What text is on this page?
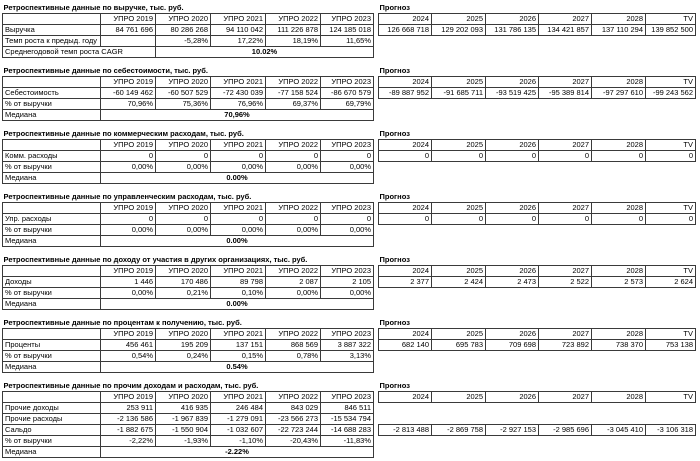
Ретроспективные данные по выручке, тыс. руб.							Прогноз					
	УПРО 2019	УПРО 2020	УПРО 2021	УПРО 2022	УПРО 2023		2024	2025	2026	2027	2028	TV
Выручка	84 761 696	80 286 268	94 110 042	111 226 878	124 185 018		126 668 718	129 202 093	131 786 135	134 421 857	137 110 294	139 852 500
Темп роста к предыд. году		-5,28%	17,22%	18,19%	11,65%							
Среднегодовой темп роста CAGR		10.02%										
Ретроспективные данные по себестоимости, тыс. руб.							Прогноз					
	УПРО 2019	УПРО 2020	УПРО 2021	УПРО 2022	УПРО 2023		2024	2025	2026	2027	2028	TV
Себестоимость	-60 149 462	-60 507 529	-72 430 039	-77 158 524	-86 670 579		-89 887 952	-91 685 711	-93 519 425	-95 389 814	-97 297 610	-99 243 562
% от выручки	70,96%	75,36%	76,96%	69,37%	69,79%							
Медиана	70,96%											
Ретроспективные данные по коммерческим расходам, тыс. руб.							Прогноз					
	УПРО 2019	УПРО 2020	УПРО 2021	УПРО 2022	УПРО 2023		2024	2025	2026	2027	2028	TV
Комм. расходы	0	0	0	0	0		0	0	0	0	0	0
% от выручки	0,00%	0,00%	0,00%	0,00%	0,00%							
Медиана	0.00%											
Ретроспективные данные по управленческим расходам, тыс. руб.							Прогноз					
	УПРО 2019	УПРО 2020	УПРО 2021	УПРО 2022	УПРО 2023		2024	2025	2026	2027	2028	TV
Упр. расходы	0	0	0	0	0		0	0	0	0	0	0
% от выручки	0,00%	0,00%	0,00%	0,00%	0,00%							
Медиана	0.00%											
Ретроспективные данные по доходу от участия в других организациях, тыс. руб.							Прогноз					
	УПРО 2019	УПРО 2020	УПРО 2021	УПРО 2022	УПРО 2023		2024	2025	2026	2027	2028	TV
Доходы	1 446	170 486	89 798	2 087	2 105		2 377	2 424	2 473	2 522	2 573	2 624
% от выручки	0,00%	0,21%	0,10%	0,00%	0,00%							
Медиана	0.00%											
Ретроспективные данные по процентам к получению, тыс. руб.							Прогноз					
	УПРО 2019	УПРО 2020	УПРО 2021	УПРО 2022	УПРО 2023		2024	2025	2026	2027	2028	TV
Проценты	456 461	195 209	137 151	868 569	3 887 322		682 140	695 783	709 698	723 892	738 370	753 138
% от выручки	0,54%	0,24%	0,15%	0,78%	3,13%							
Медиана	0.54%											
Ретроспективные данные по прочим доходам и расходам, тыс. руб.							Прогноз					
	УПРО 2019	УПРО 2020	УПРО 2021	УПРО 2022	УПРО 2023		2024	2025	2026	2027	2028	TV
Прочие доходы	253 911	416 935	246 484	843 029	846 511							
Прочие расходы	-2 136 586	-1 967 839	-1 279 091	-23 566 273	-15 534 794							
Сальдо	-1 882 675	-1 550 904	-1 032 607	-22 723 244	-14 688 283		-2 813 488	-2 869 758	-2 927 153	-2 985 696	-3 045 410	-3 106 318
% от выручки	-2,22%	-1,93%	-1,10%	-20,43%	-11,83%							
Медиана	-2.22%											
